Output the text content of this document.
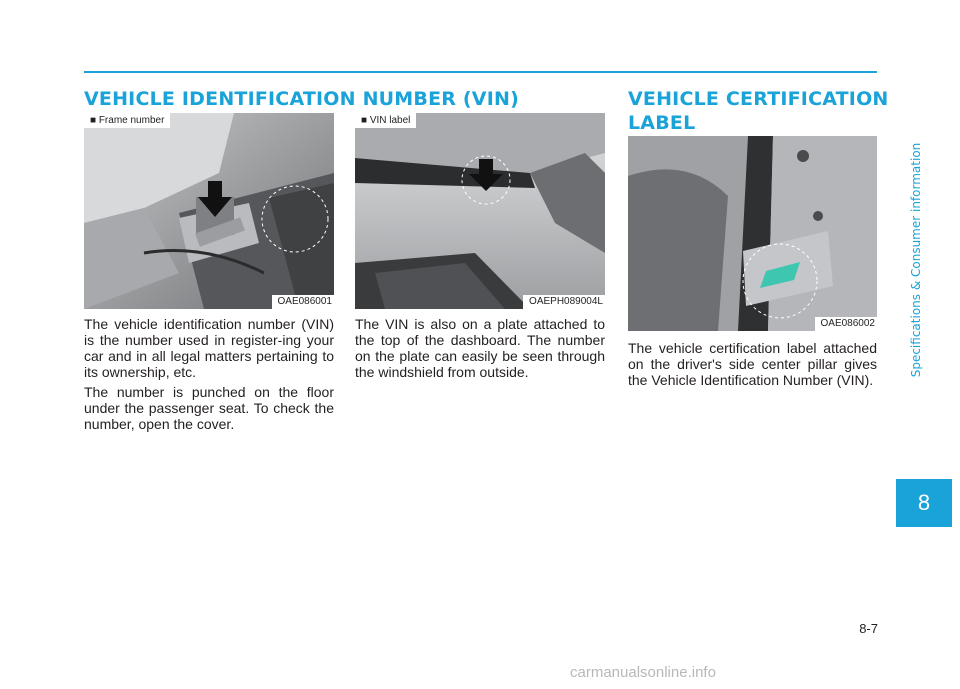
VEHICLE IDENTIFICATION NUMBER (VIN)	VEHICLE CERTIFICATION
LABEL
■ Frame number
OAE086001
■ VIN label
OAEPH089004L
OAE086002

The vehicle identification number (VIN) is the number used in register-ing your car and in all legal matters pertaining to its ownership, etc.

The number is punched on the floor under the passenger seat. To check the number, open the cover.

The VIN is also on a plate attached to the top of the dashboard. The number on the plate can easily be seen through the windshield from outside.

The vehicle certification label attached on the driver's side center pillar gives the Vehicle Identification Number (VIN).

Specifications & Consumer information
8
8-7
carmanualsonline.info
